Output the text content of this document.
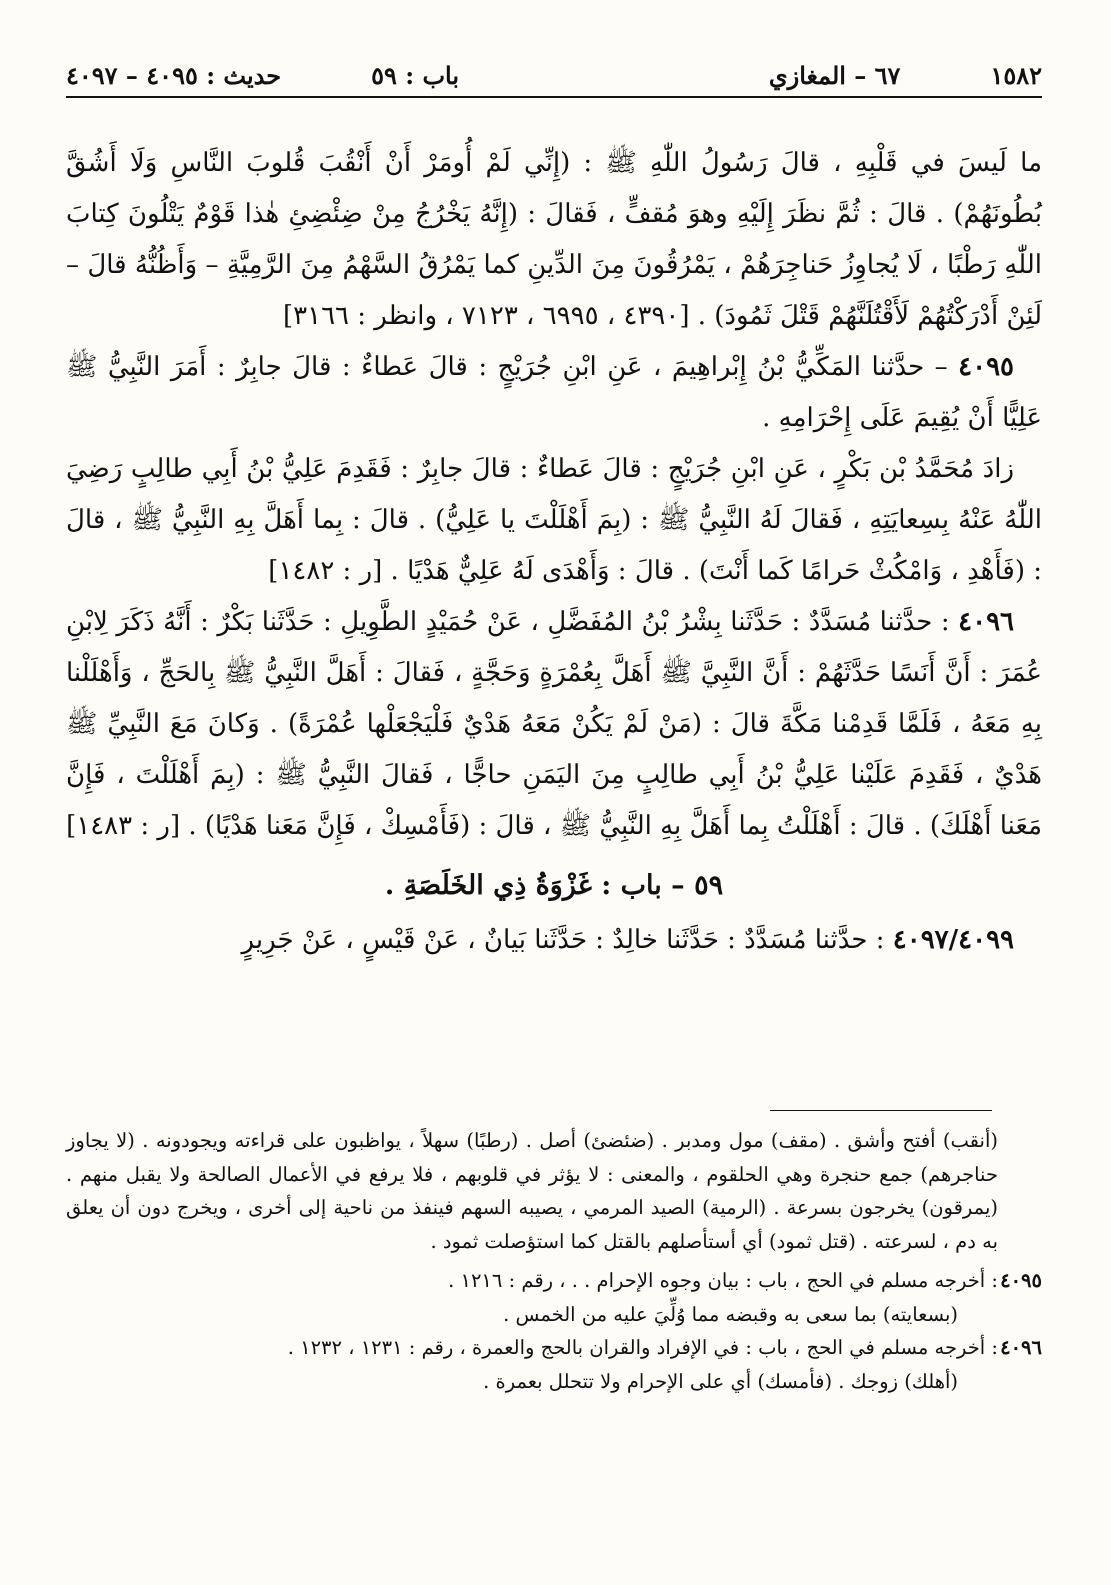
١٥٨٢
٦٧ – المغازي
باب : ٥٩
حديث : ٤٠٩٥ – ٤٠٩٧

ما لَيسَ في قَلْبِهِ ، قالَ رَسُولُ اللّٰهِ ﷺ : (إِنِّي لَمْ أُومَرْ أَنْ أَنْقُبَ قُلوبَ النَّاسِ وَلَا أَشُقَّ بُطُونَهُمْ) . قالَ : ثُمَّ نظَرَ إِلَيْهِ وهوَ مُقفٍّ ، فَقالَ : (إِنَّهُ يَخْرُجُ مِنْ ضِئْضِئِ هٰذا قَوْمٌ يَتْلُونَ كِتابَ اللّٰهِ رَطْبًا ، لَا يُجاوِزُ حَناجِرَهُمْ ، يَمْرُقُونَ مِنَ الدِّينِ كما يَمْرُقُ السَّهْمُ مِنَ الرَّمِيَّةِ – وَأَظُنُّهُ قالَ – لَئِنْ أَدْرَكْتُهُمْ لَأَقْتُلَنَّهُمْ قَتْلَ ثَمُودَ) . [٤٣٩٠ ، ٦٩٩٥ ، ٧١٢٣ ، وانظر : ٣١٦٦]

٤٠٩٥ – حدَّثنا المَكِّيُّ بْنُ إِبْراهِيمَ ، عَنِ ابْنِ جُرَيْجٍ : قالَ عَطاءٌ : قالَ جابِرٌ : أَمَرَ النَّبِيُّ ﷺ عَلِيًّا أَنْ يُقِيمَ عَلَى إِحْرَامِهِ .

زادَ مُحَمَّدُ بْن بَكْرٍ ، عَنِ ابْنِ جُرَيْجٍ : قالَ عَطاءٌ : قالَ جابِرٌ : فَقَدِمَ عَلِيُّ بْنُ أَبِي طالِبٍ رَضِيَ اللّٰهُ عَنْهُ بِسِعايَتِهِ ، فَقالَ لَهُ النَّبِيُّ ﷺ : (بِمَ أَهْلَلْتَ يا عَلِيُّ) . قالَ : بِما أَهَلَّ بِهِ النَّبِيُّ ﷺ ، قالَ : (فَأَهْدِ ، وَامْكُثْ حَرامًا كَما أَنْتَ) . قالَ : وَأَهْدَى لَهُ عَلِيٌّ هَدْيًا . [ر : ١٤٨٢]

٤٠٩٦ : حدَّثنا مُسَدَّدٌ : حَدَّثَنا بِشْرُ بْنُ المُفَضَّلِ ، عَنْ حُمَيْدٍ الطَّوِيلِ : حَدَّثَنا بَكْرٌ : أَنَّهُ ذَكَرَ لِابْنِ عُمَرَ : أَنَّ أَنَسًا حَدَّثَهُمْ : أَنَّ النَّبِيَّ ﷺ أَهَلَّ بِعُمْرَةٍ وَحَجَّةٍ ، فَقالَ : أَهَلَّ النَّبِيُّ ﷺ بِالحَجِّ ، وَأَهْلَلْنا بِهِ مَعَهُ ، فَلَمَّا قَدِمْنا مَكَّةَ قالَ : (مَنْ لَمْ يَكُنْ مَعَهُ هَدْيٌ فَلْيَجْعَلْها عُمْرَةً) . وَكانَ مَعَ النَّبِيِّ ﷺ هَدْيٌ ، فَقَدِمَ عَلَيْنا عَلِيُّ بْنُ أَبِي طالِبٍ مِنَ اليَمَنِ حاجًّا ، فَقالَ النَّبِيُّ ﷺ : (بِمَ أَهْلَلْتَ ، فَإِنَّ مَعَنا أَهْلَكَ) . قالَ : أَهْلَلْتُ بِما أَهَلَّ بِهِ النَّبِيُّ ﷺ ، قالَ : (فَأَمْسِكْ ، فَإِنَّ مَعَنا هَدْيًا) . [ر : ١٤٨٣]

٥٩ – باب : غَزْوَةُ ذِي الخَلَصَةِ .

٤٠٩٧/٤٠٩٩ : حدَّثنا مُسَدَّدٌ : حَدَّثَنا خالِدٌ : حَدَّثَنا بَيانٌ ، عَنْ قَيْسٍ ، عَنْ جَرِيرٍ

(أنقب) أفتح وأشق . (مقف) مول ومدبر . (ضئضئ) أصل . (رطبًا) سهلاً ، يواظبون على قراءته ويجودونه . (لا يجاوز حناجرهم) جمع حنجرة وهي الحلقوم ، والمعنى : لا يؤثر في قلوبهم ، فلا يرفع في الأعمال الصالحة ولا يقبل منهم . (يمرقون) يخرجون بسرعة . (الرمية) الصيد المرمي ، يصيبه السهم فينفذ من ناحية إلى أخرى ، ويخرج دون أن يعلق به دم ، لسرعته . (قتل ثمود) أي أستأصلهم بالقتل كما استؤصلت ثمود .

٤٠٩٥
: أخرجه مسلم في الحج ، باب : بيان وجوه الإحرام . . ، رقم : ١٢١٦ .

(بسعايته) بما سعى به وقبضه مما وُلِّيَ عليه من الخمس .

٤٠٩٦
: أخرجه مسلم في الحج ، باب : في الإفراد والقران بالحج والعمرة ، رقم : ١٢٣١ ، ١٢٣٢ .

(أهلك) زوجك . (فأمسك) أي على الإحرام ولا تتحلل بعمرة .
